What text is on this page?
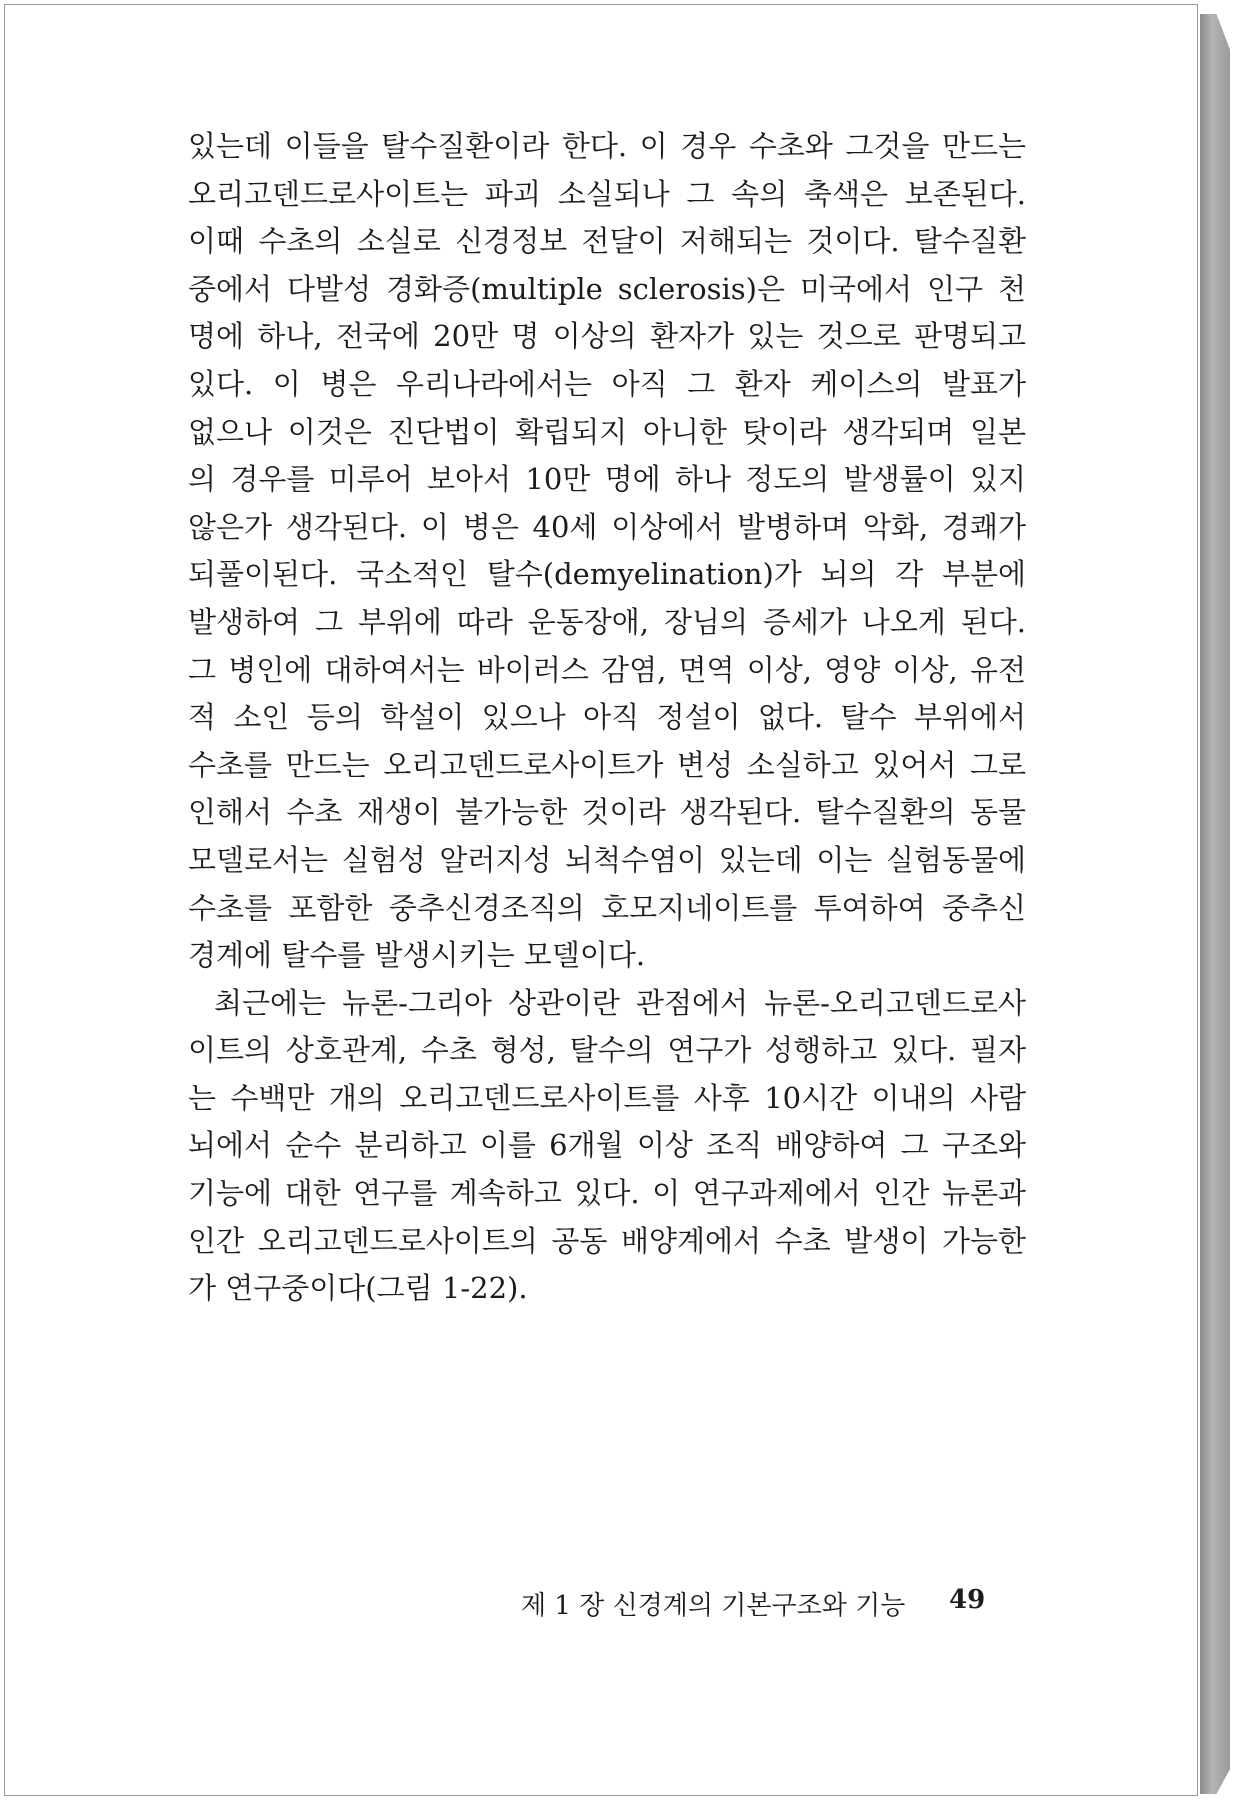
있는데 이들을 탈수질환이라 한다. 이 경우 수초와 그것을 만드는
오리고덴드로사이트는 파괴 소실되나 그 속의 축색은 보존된다.
이때 수초의 소실로 신경정보 전달이 저해되는 것이다. 탈수질환
중에서 다발성 경화증(multiple sclerosis)은 미국에서 인구 천
명에 하나, 전국에 20만 명 이상의 환자가 있는 것으로 판명되고
있다. 이 병은 우리나라에서는 아직 그 환자 케이스의 발표가
없으나 이것은 진단법이 확립되지 아니한 탓이라 생각되며 일본
의 경우를 미루어 보아서 10만 명에 하나 정도의 발생률이 있지
않은가 생각된다. 이 병은 40세 이상에서 발병하며 악화, 경쾌가
되풀이된다. 국소적인 탈수(demyelination)가 뇌의 각 부분에
발생하여 그 부위에 따라 운동장애, 장님의 증세가 나오게 된다.
그 병인에 대하여서는 바이러스 감염, 면역 이상, 영양 이상, 유전
적 소인 등의 학설이 있으나 아직 정설이 없다. 탈수 부위에서
수초를 만드는 오리고덴드로사이트가 변성 소실하고 있어서 그로
인해서 수초 재생이 불가능한 것이라 생각된다. 탈수질환의 동물
모델로서는 실험성 알러지성 뇌척수염이 있는데 이는 실험동물에
수초를 포함한 중추신경조직의 호모지네이트를 투여하여 중추신
경계에 탈수를 발생시키는 모델이다.
최근에는 뉴론-그리아 상관이란 관점에서 뉴론-오리고덴드로사
이트의 상호관계, 수초 형성, 탈수의 연구가 성행하고 있다. 필자
는 수백만 개의 오리고덴드로사이트를 사후 10시간 이내의 사람
뇌에서 순수 분리하고 이를 6개월 이상 조직 배양하여 그 구조와
기능에 대한 연구를 계속하고 있다. 이 연구과제에서 인간 뉴론과
인간 오리고덴드로사이트의 공동 배양계에서 수초 발생이 가능한
가 연구중이다(그림 1-22).
제 1 장 신경계의 기본구조와 기능 49
